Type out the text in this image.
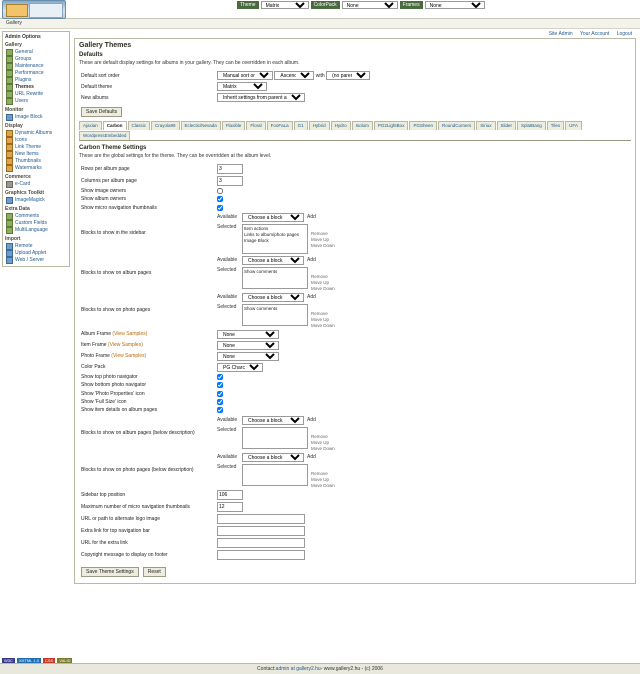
Theme
Matrix	ColorPack
None	Frames
None
Gallery
Admin Options
Gallery
General
Groups
Maintenance
Performance
Plugins
Themes
URL Rewrite
Users
Monitor
Image Block
Display
Dynamic Albums
Icons
Link Theme
New Items
Thumbnails
Watermarks
Commerce
e-Card
Graphics Toolkit
ImageMagick
Extra Data
Comments
Custom Fields
MultiLanguage
Import
Remote
Upload Applet
Web / Server
Site Admin Your Account Logout
Gallery Themes
Defaults

These are default display settings for albums in your gallery. They can be overridden in each album.

Default sort order	
Manual sort order
Ascendingwith
(no parent a...)
Default theme	
Matrix
New albums	
Inherit settings from parent album
Save Defaults
Ajaxian	Carbon	Classic	Crayola99	Eclectic/Nevada	Flaxible	Floral	FooFaLa	G1	Hybrid	Hydro	Isolum	PG2LightBox	PGSheen	RoundCorners	Siriux	Slider	SplatBang	Tiles	UFA
WordpressEmbedded
Carbon Theme Settings

These are the global settings for the theme. They can be overridden at the album level.

Rows per album page	3
Columns per album page	3
Show image owners	
Show album owners	
Show micro navigation thumbnails	
Blocks to show in the sidebar	
Available
Choose a block	Add
Selected	Item actions
Links to album/photo pages
Image Block
Remove
Move Up
Move Down

Blocks to show on album pages	
Available
Choose a block	Add
Selected	Show comments
Remove
Move Up
Move Down

Blocks to show on photo pages	
Available
Choose a block	Add
Selected	Show comments
Remove
Move Up
Move Down
Album Frame (View Samples)	
None
Item Frame (View Samples)	
None
Photo Frame (View Samples)	
None
Color Pack	
PG Charcoal
Show top photo navigator	
Show bottom photo navigator	
Show 'Photo Properties' icon	
Show 'Full Size' icon	
Show item details on album pages	
Blocks to show on album pages (below description)	
Available
Choose a block	Add
Selected
Remove
Move Up
Move Down

Blocks to show on photo pages (below description)	
Available
Choose a block	Add
Selected
Remove
Move Up
Move Down
Sidebar top position	106
Maximum number of micro navigation thumbnails	12
URL or path to alternate logo image	
Extra link for top navigation bar	
URL for the extra link	
Copyright message to display on footer	
Save Theme Settings	Reset
W3C	XHTML 1.0	CSS	VALID
Contact: admin at gallery2.hu - www.gallery2.hu - (c) 2006
